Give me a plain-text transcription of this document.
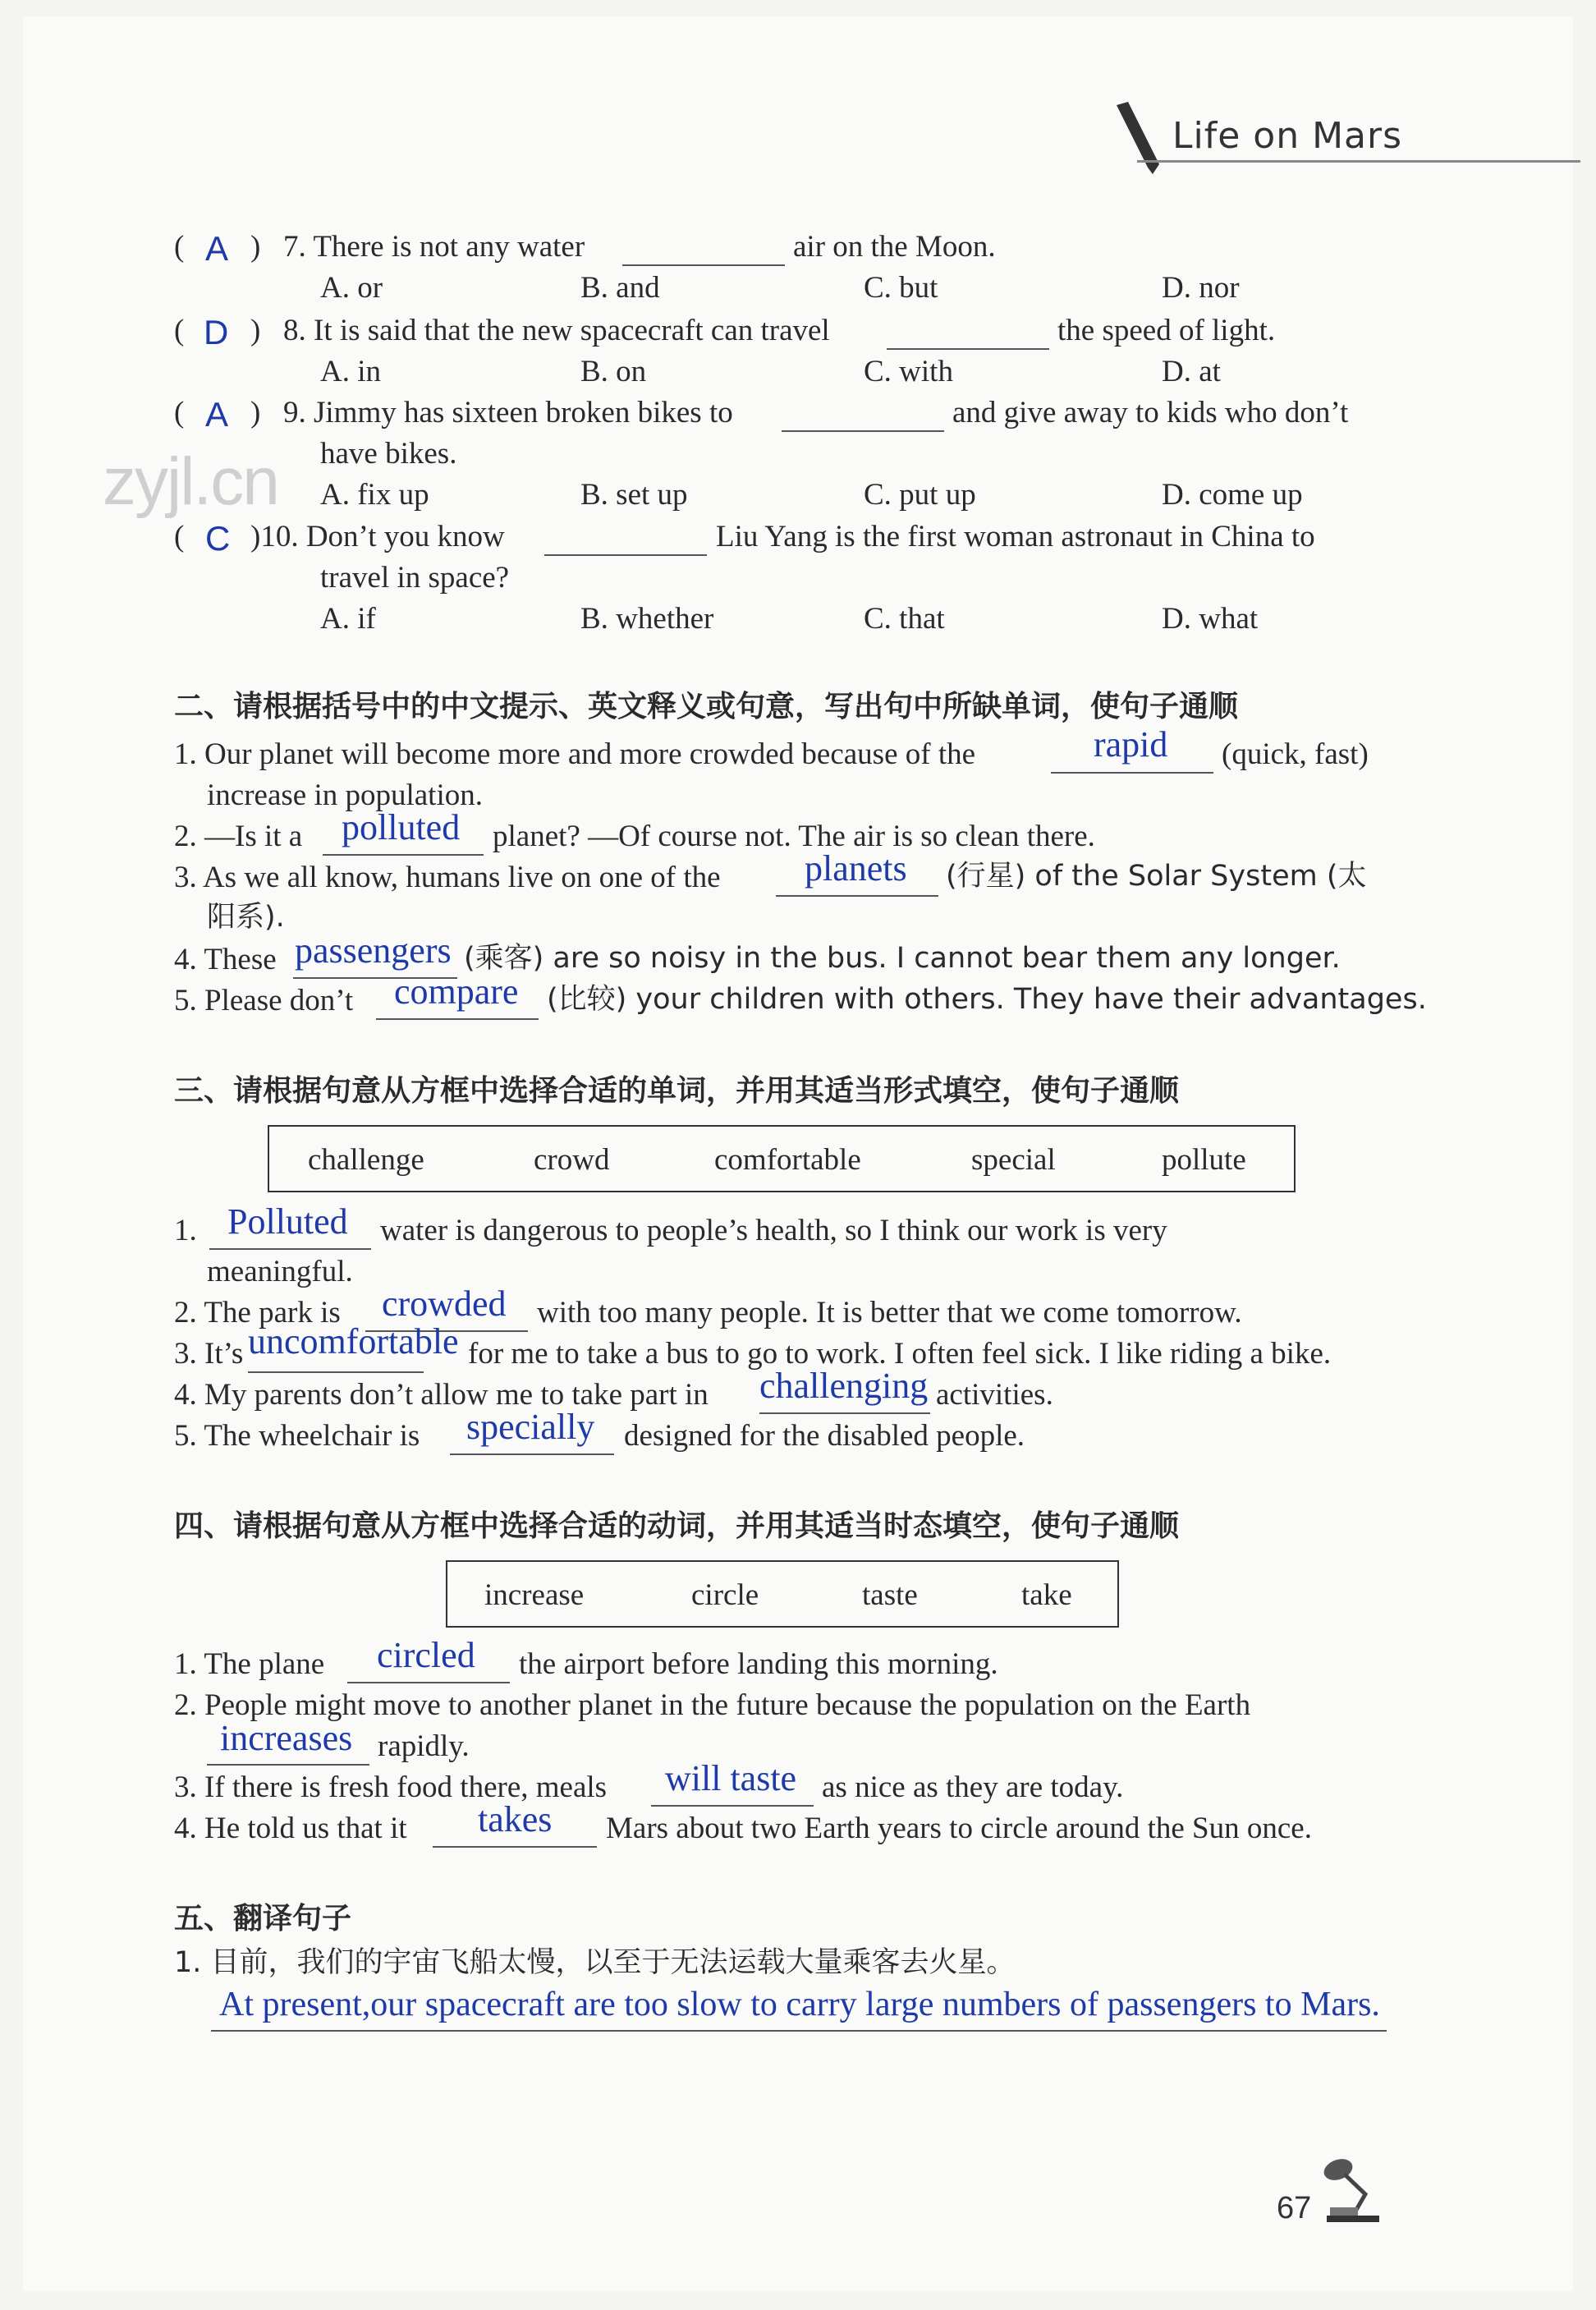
Life on Mars
zyjl.cn
( A ) 7. There is not any water	air on the Moon.
A. or	B. and	C. but	D. nor
( D ) 8. It is said that the new spacecraft can travel	the speed of light.
A. in	B. on	C. with	D. at
( A ) 9. Jimmy has sixteen broken bikes to	and give away to kids who don’t
have bikes.
A. fix up	B. set up	C. put up	D. come up
( C )10. Don’t you know	Liu Yang is the first woman astronaut in China to
travel in space?
A. if	B. whether	C. that	D. what
二、请根据括号中的中文提示、英文释义或句意，写出句中所缺单词，使句子通顺
1. Our planet will become more and more crowded because of the	rapid (quick, fast)
increase in population.
2. —Is it a polluted planet? —Of course not. The air is so clean there.
3. As we all know, humans live on one of the planets (行星) of the Solar System (太
阳系).
4. These passengers (乘客) are so noisy in the bus. I cannot bear them any longer.
5. Please don’t compare (比较) your children with others. They have their advantages.
三、请根据句意从方框中选择合适的单词，并用其适当形式填空，使句子通顺
challenge	crowd	comfortable	special	pollute
1. Polluted water is dangerous to people’s health, so I think our work is very
meaningful.
2. The park is crowded with too many people. It is better that we come tomorrow.
3. It’s uncomfortable for me to take a bus to go to work. I often feel sick. I like riding a bike.
4. My parents don’t allow me to take part in challenging activities.
5. The wheelchair is specially designed for the disabled people.
四、请根据句意从方框中选择合适的动词，并用其适当时态填空，使句子通顺
increase	circle	taste	take
1. The plane circled the airport before landing this morning.
2. People might move to another planet in the future because the population on the Earth
increases rapidly.
3. If there is fresh food there, meals will taste as nice as they are today.
4. He told us that it takes Mars about two Earth years to circle around the Sun once.
五、翻译句子
1. 目前，我们的宇宙飞船太慢，以至于无法运载大量乘客去火星。
At present,our spacecraft are too slow to carry large numbers of passengers to Mars.
67
